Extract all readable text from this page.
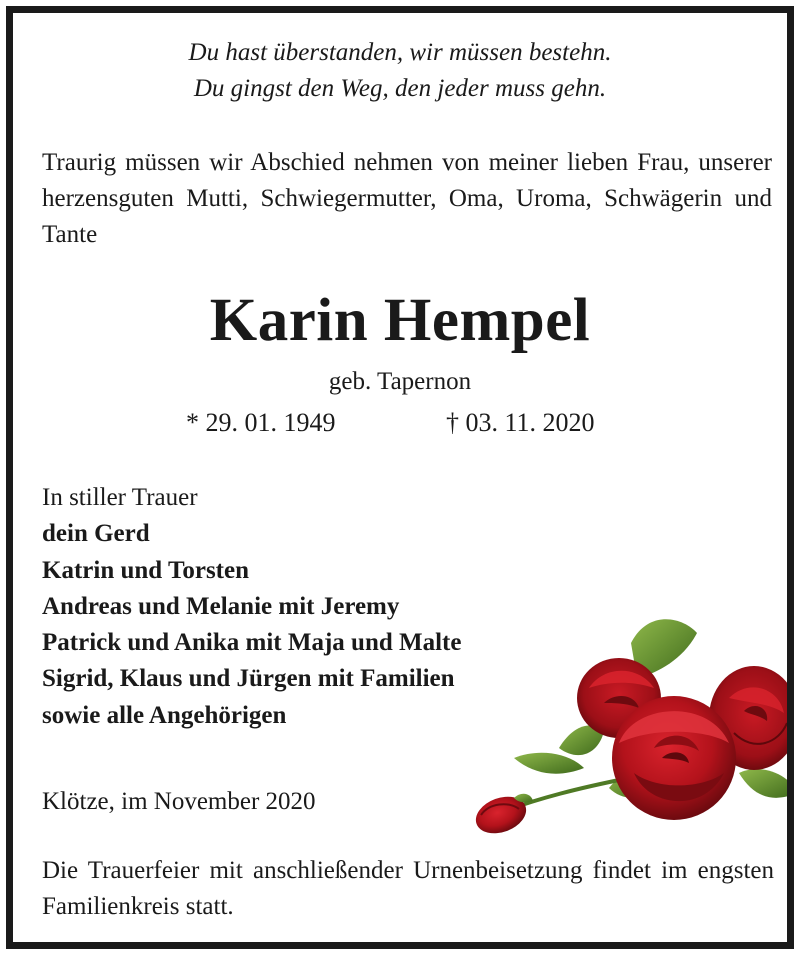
Du hast überstanden, wir müssen bestehn.
Du gingst den Weg, den jeder muss gehn.
Traurig müssen wir Abschied nehmen von meiner lieben Frau, unserer herzensguten Mutti, Schwiegermutter, Oma, Uroma, Schwägerin und Tante
Karin Hempel
geb. Tapernon
* 29. 01. 1949	† 03. 11. 2020
In stiller Trauer
dein Gerd
Katrin und Torsten
Andreas und Melanie mit Jeremy
Patrick und Anika mit Maja und Malte
Sigrid, Klaus und Jürgen mit Familien
sowie alle Angehörigen
Klötze, im November 2020
Die Trauerfeier mit anschließender Urnenbeisetzung findet im engsten Familienkreis statt.
